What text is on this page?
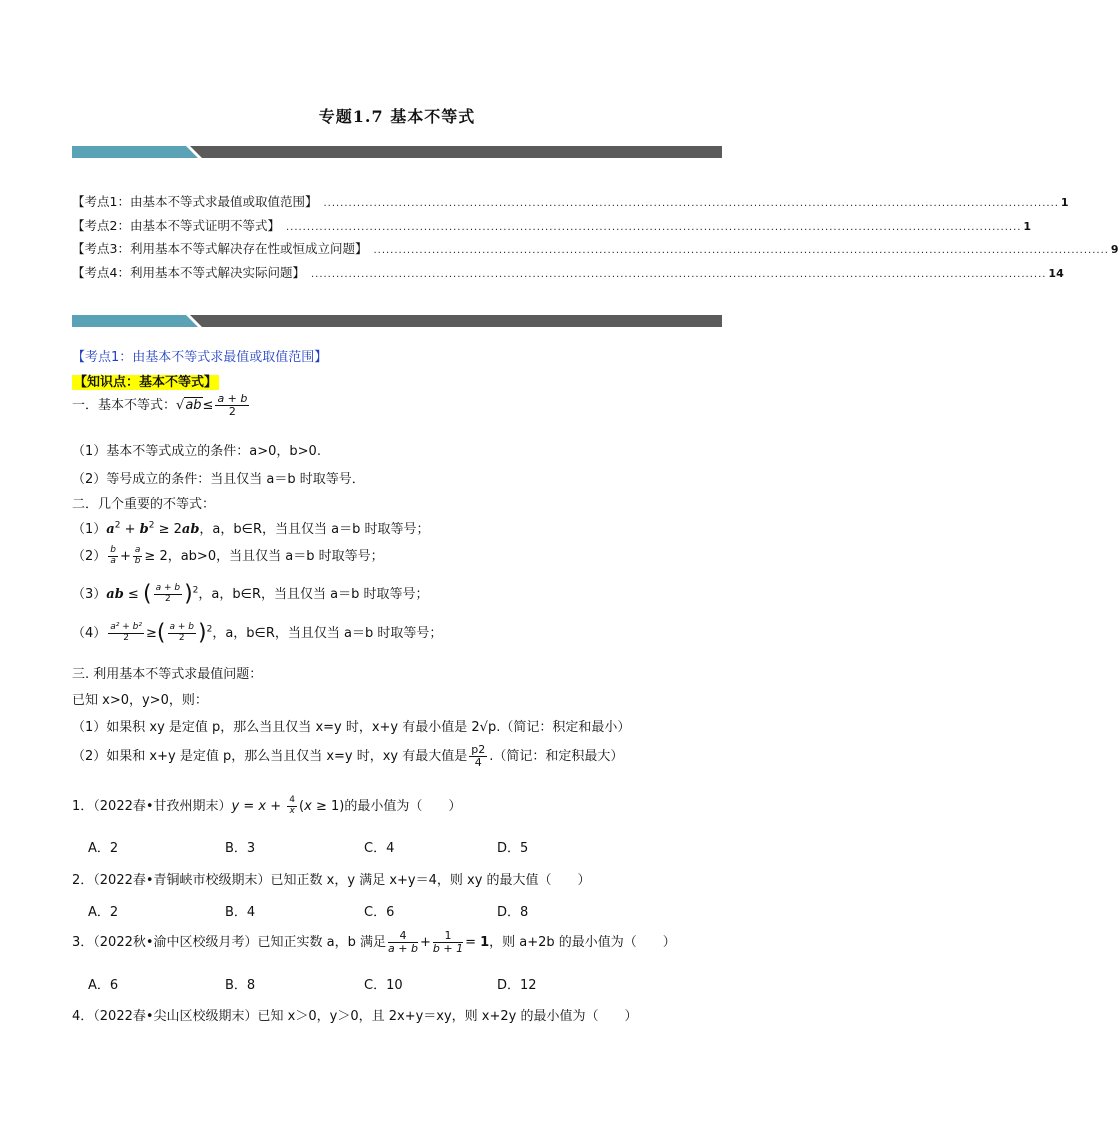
专题1.7 基本不等式
【考点1：由基本不等式求最值或取值范围】 ................................................................................................................................................................................ 1
【考点2：由基本不等式证明不等式】 ................................................................................................................................................................................ 1
【考点3：利用基本不等式解决存在性或恒成立问题】 ................................................................................................................................................................................ 9
【考点4：利用基本不等式解决实际问题】 ................................................................................................................................................................................ 14
【考点1：由基本不等式求最值或取值范围】
【知识点：基本不等式】
一．基本不等式：$√ab\le \frac{a + b}{2}$
（1）基本不等式成立的条件：a>0，b>0.
（2）等号成立的条件：当且仅当 a＝b 时取等号．
二．几个重要的不等式：
$(1)a^2 + b^2 \ge 2ab$，a，b∈R，当且仅当 a＝b 时取等号；
$(2) \frac{b}{a} + \frac{a}{b} \ge 2$，ab>0，当且仅当 a＝b 时取等号；
（3）ab ≤ ( $\frac{a + b}{2} )^2$，a，b∈R，当且仅当 a＝b 时取等号；
$(4) \frac{\text{a² + b²}}{2}$ ≥( $\frac{a + b}{2} )^2$，a，b∈R，当且仅当 a＝b 时取等号；
三. 利用基本不等式求最值问题：
已知 x>0，y>0，则：
（1）如果积 xy 是定值 p，那么当且仅当 x=y 时，x+y 有最小值是 2√p.（简记：积定和最小）
（2）如果和 x+y 是定值 p，那么当且仅当 x=y 时，xy 有最大值是 $\frac{p2}{4}$ .（简记：和定积最大）
1．（2022春•甘孜州期末）$y = x + \frac{4}{x} (x \ge 1)$的最小值为（　　）
A．2	B．3	C．4	D．5
2．（2022春•青铜峡市校级期末）已知正数 x，y 满足 x+y＝4，则 xy 的最大值（　　）
A．2	B．4	C．6	D．8
3．（2022秋•渝中区校级月考）已知正实数 a，b 满足 $\frac{4}{a + b} + \frac{1}{b + 1} = 1$，则 a+2b 的最小值为（　　）
A．6	B．8	C．10	D．12
4．（2022春•尖山区校级期末）已知 x＞0，y＞0，且 2x+y＝xy，则 x+2y 的最小值为（　　）
